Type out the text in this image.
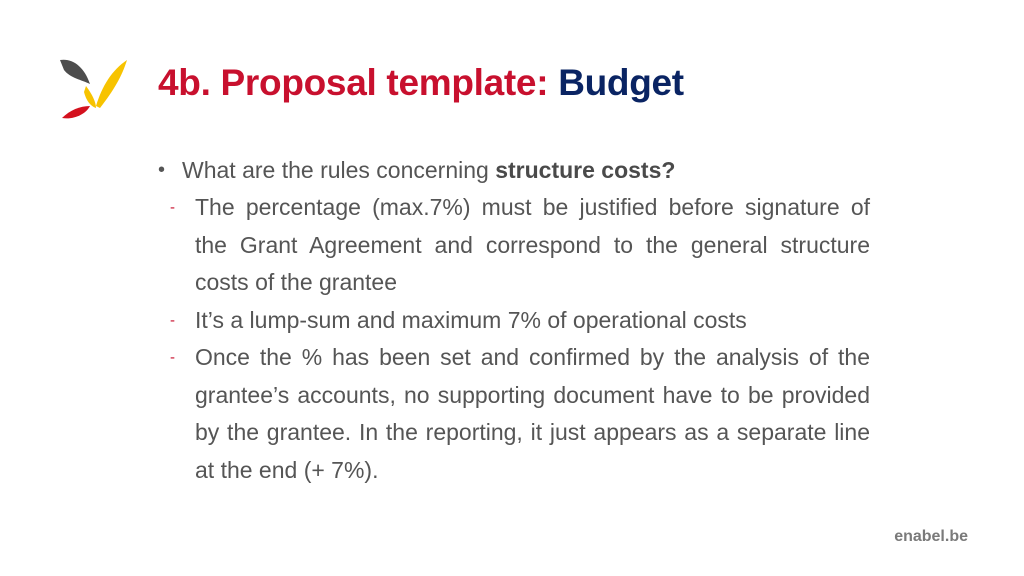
4b. Proposal template: Budget
• What are the rules concerning structure costs?
- The percentage (max.7%) must be justified before signature of the Grant Agreement and correspond to the general structure costs of the grantee
- It’s a lump-sum and maximum 7% of operational costs
- Once the % has been set and confirmed by the analysis of the grantee’s accounts, no supporting document have to be provided by the grantee. In the reporting, it just appears as a separate line at the end (+ 7%).
enabel.be
